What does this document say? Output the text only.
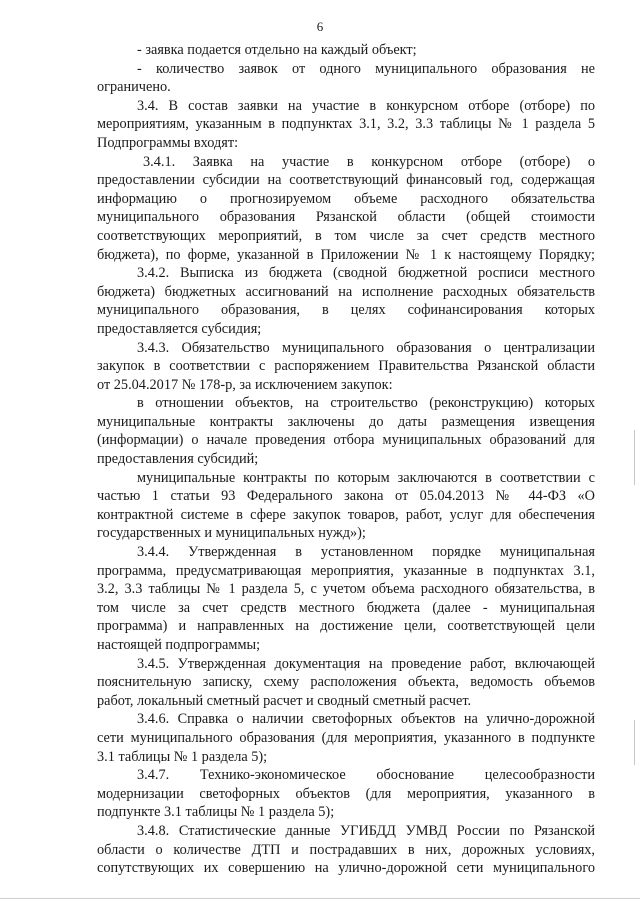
6
- заявка подается отдельно на каждый объект;
- количество заявок от одного муниципального образования не
ограничено.
3.4. В состав заявки на участие в конкурсном отборе (отборе) по
мероприятиям, указанным в подпунктах 3.1, 3.2, 3.3 таблицы № 1 раздела 5
Подпрограммы входят:
3.4.1. Заявка на участие в конкурсном отборе (отборе) о
предоставлении субсидии на соответствующий финансовый год, содержащая
информацию о прогнозируемом объеме расходного обязательства
муниципального образования Рязанской области (общей стоимости
соответствующих мероприятий, в том числе за счет средств местного
бюджета), по форме, указанной в Приложении № 1 к настоящему Порядку;
3.4.2. Выписка из бюджета (сводной бюджетной росписи местного
бюджета) бюджетных ассигнований на исполнение расходных обязательств
муниципального образования, в целях софинансирования которых
предоставляется субсидия;
3.4.3. Обязательство муниципального образования о централизации
закупок в соответствии с распоряжением Правительства Рязанской области
от 25.04.2017 № 178-р, за исключением закупок:
в отношении объектов, на строительство (реконструкцию) которых
муниципальные контракты заключены до даты размещения извещения
(информации) о начале проведения отбора муниципальных образований для
предоставления субсидий;
муниципальные контракты по которым заключаются в соответствии с
частью 1 статьи 93 Федерального закона от 05.04.2013 № 44-ФЗ «О
контрактной системе в сфере закупок товаров, работ, услуг для обеспечения
государственных и муниципальных нужд»);
3.4.4. Утвержденная в установленном порядке муниципальная
программа, предусматривающая мероприятия, указанные в подпунктах 3.1,
3.2, 3.3 таблицы № 1 раздела 5, с учетом объема расходного обязательства, в
том числе за счет средств местного бюджета (далее - муниципальная
программа) и направленных на достижение цели, соответствующей цели
настоящей подпрограммы;
3.4.5. Утвержденная документация на проведение работ, включающей
пояснительную записку, схему расположения объекта, ведомость объемов
работ, локальный сметный расчет и сводный сметный расчет.
3.4.6. Справка о наличии светофорных объектов на улично-дорожной
сети муниципального образования (для мероприятия, указанного в подпункте
3.1 таблицы № 1 раздела 5);
3.4.7. Технико-экономическое обоснование целесообразности
модернизации светофорных объектов (для мероприятия, указанного в
подпункте 3.1 таблицы № 1 раздела 5);
3.4.8. Статистические данные УГИБДД УМВД России по Рязанской
области о количестве ДТП и пострадавших в них, дорожных условиях,
сопутствующих их совершению на улично-дорожной сети муниципального
